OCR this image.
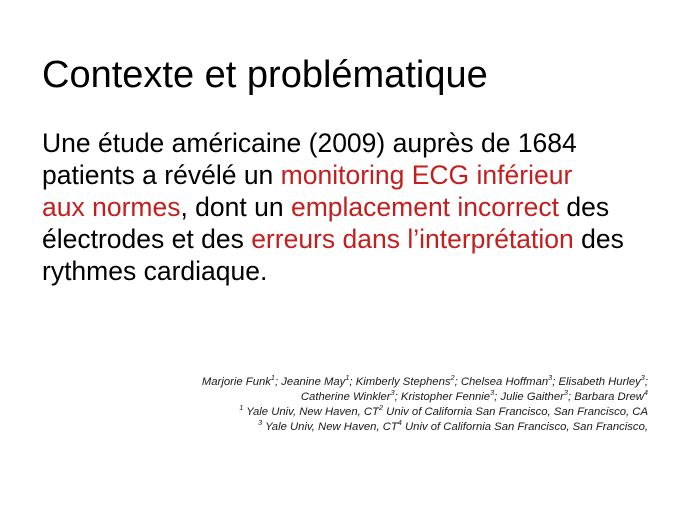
Contexte et problématique
Une étude américaine (2009) auprès de 1684
patients a révélé un monitoring ECG inférieur
aux normes, dont un emplacement incorrect des
électrodes et des erreurs dans l’interprétation des
rythmes cardiaque.
Marjorie Funk$^1$; Jeanine May$^1$; Kimberly Stephens$^2$; Chelsea Hoffman$^3$; Elisabeth Hurley$^3$;
Catherine Winkler$^3$; Kristopher Fennie$^3$; Julie Gaither$^3$; Barbara Drew$^4$
$^1$ Yale Univ, New Haven, $CT^2$ Univ of California San Francisco, San Francisco, CA
$^3$ Yale Univ, New Haven, $CT^4$ Univ of California San Francisco, San Francisco,
